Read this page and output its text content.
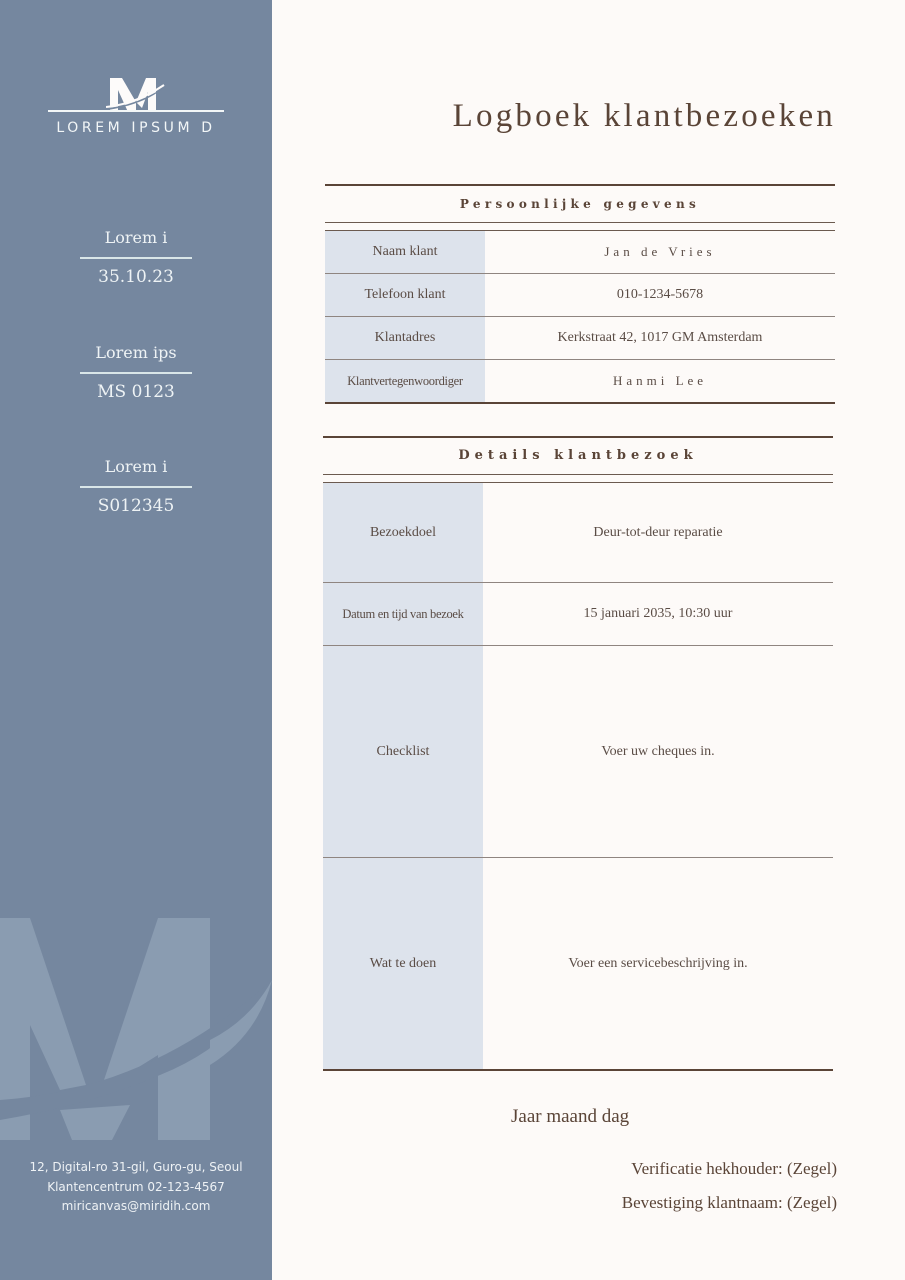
LOREM IPSUM D
Lorem i
35.10.23
Lorem ips
MS 0123
Lorem i
S012345
12, Digital-ro 31-gil, Guro-gu, Seoul
Klantencentrum 02-123-4567
miricanvas@miridih.com
Logboek klantbezoeken
Persoonlijke gegevens
Naam klant	Jan de Vries
Telefoon klant	010-1234-5678
Klantadres	Kerkstraat 42, 1017 GM Amsterdam
Klantvertegenwoordiger	Hanmi Lee
Details klantbezoek
Bezoekdoel	Deur-tot-deur reparatie
Datum en tijd van bezoek	15 januari 2035, 10:30 uur
Checklist	Voer uw cheques in.
Wat te doen	Voer een servicebeschrijving in.
Jaar maand dag
Verificatie hekhouder: (Zegel)
Bevestiging klantnaam: (Zegel)
